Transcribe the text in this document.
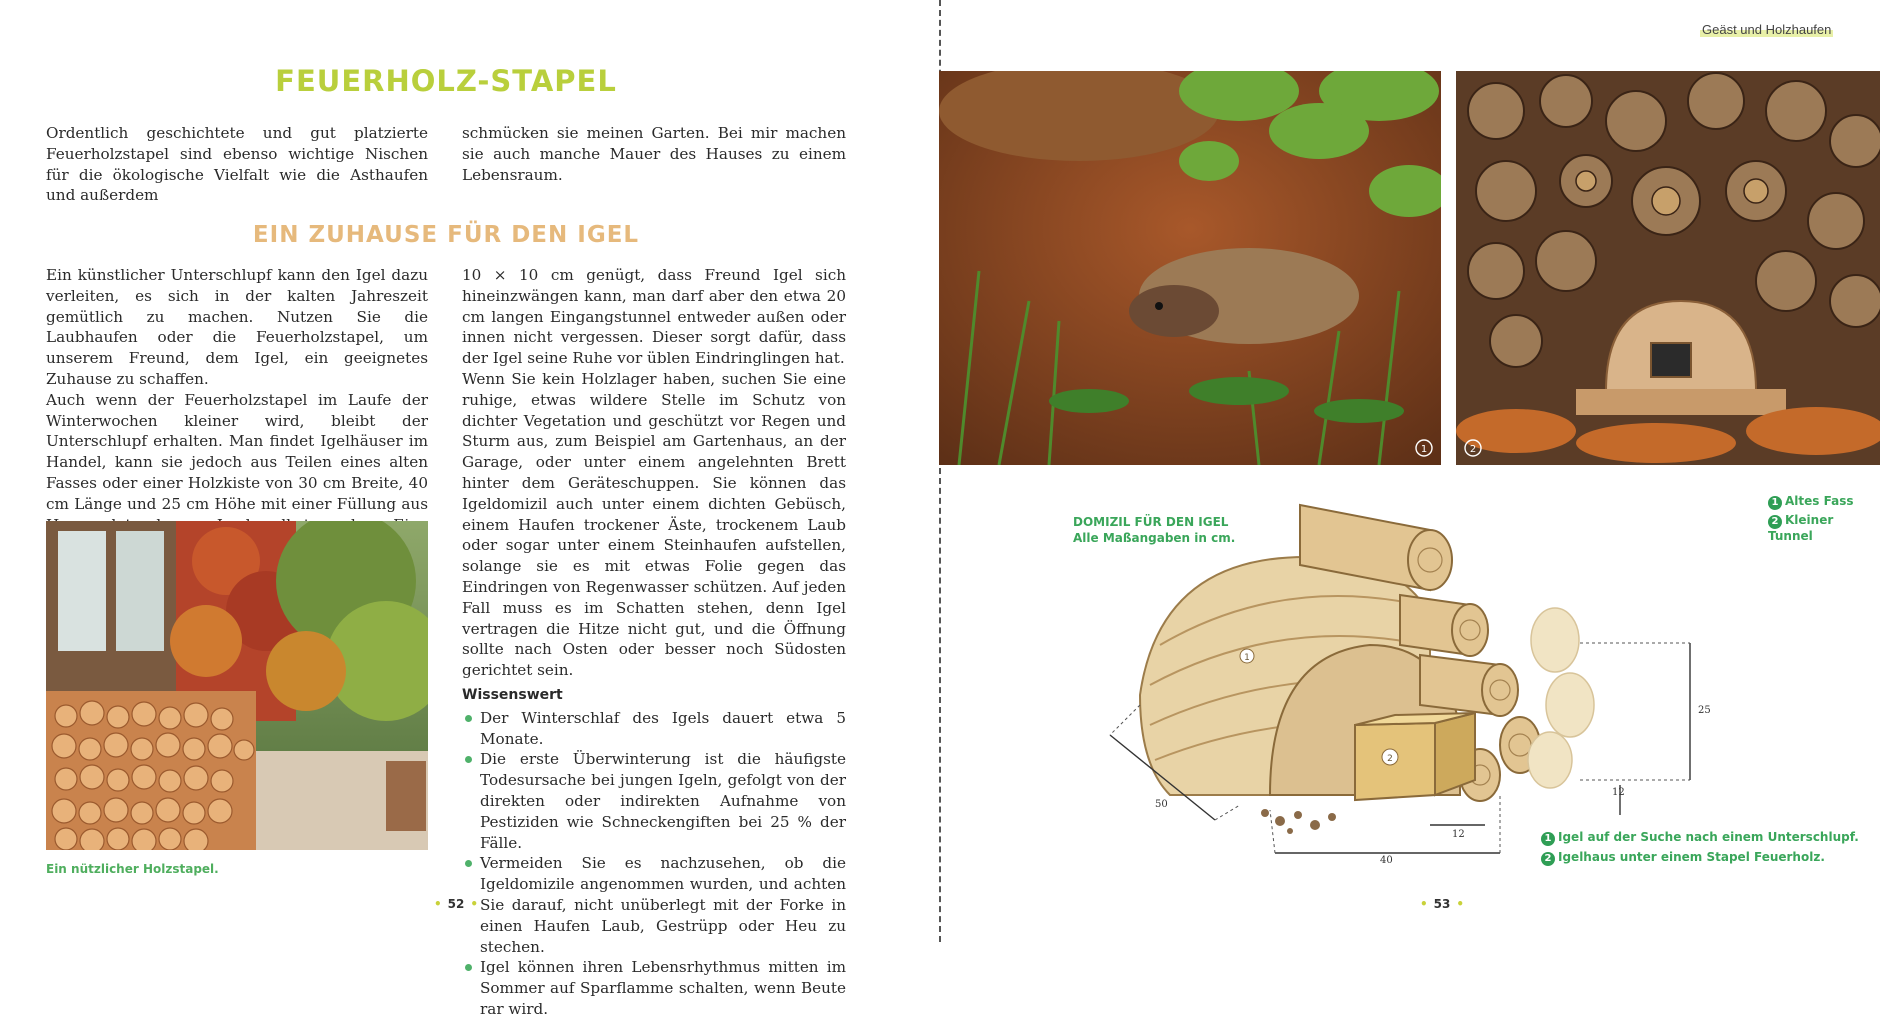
FEUERHOLZ-STAPEL

Ordentlich geschichtete und gut platzierte Feuerholzstapel sind ebenso wichtige Nischen für die ökologische Vielfalt wie die Asthaufen und außerdem

schmücken sie meinen Garten. Bei mir machen sie auch manche Mauer des Hauses zu einem Lebensraum.

EIN ZUHAUSE FÜR DEN IGEL

Ein künstlicher Unterschlupf kann den Igel dazu verleiten, es sich in der kalten Jahreszeit gemütlich zu machen. Nutzen Sie die Laubhaufen oder die Feuerholzstapel, um unserem Freund, dem Igel, ein geeignetes Zuhause zu schaffen.

Auch wenn der Feuerholzstapel im Laufe der Winterwochen kleiner wird, bleibt der Unterschlupf erhalten. Man findet Igelhäuser im Handel, kann sie jedoch aus Teilen eines alten Fasses oder einer Holzkiste von 30 cm Breite, 40 cm Länge und 25 cm Höhe mit einer Füllung aus

10 × 10 cm genügt, dass Freund Igel sich hineinzwängen kann, man darf aber den etwa 20 cm langen Eingangstunnel entweder außen oder innen nicht vergessen. Dieser sorgt dafür, dass der Igel seine Ruhe vor üblen Eindringlingen hat.

Wenn Sie kein Holzlager haben, suchen Sie eine ruhige, etwas wildere Stelle im Schutz von dichter Vegetation und geschützt vor Regen und Sturm aus, zum Beispiel am Gartenhaus, an der Garage, oder unter einem angelehnten Brett hinter dem Geräteschuppen. Sie können das Igeldomizil auch unter einem dichten Gebüsch, einem Haufen trockener Äste, trockenem Laub oder sogar unter einem Steinhaufen aufstellen, solange sie es mit etwas Folie gegen das Eindringen von Regenwasser schützen. Auf jeden Fall muss es im Schatten stehen, denn Igel vertragen die Hitze nicht gut, und die Öffnung sollte nach Osten oder besser noch Südosten gerichtet sein.

Wissenswert
Der Winterschlaf des Igels dauert etwa 5 Monate.
Die erste Überwinterung ist die häufigste Todesursache bei jungen Igeln, gefolgt von der direkten oder indirekten Aufnahme von Pestiziden wie Schneckengiften bei 25 % der Fälle.
Vermeiden Sie es nachzusehen, ob die Igeldomizile angenommen wurden, und achten Sie darauf, nicht unüberlegt mit der Forke in einen Haufen Laub, Gestrüpp oder Heu zu stechen.
Igel können ihren Lebensrhythmus mitten im Sommer auf Sparflamme schalten, wenn Beute rar wird.
Ein nützlicher Holzstapel.
• 52 •
Geäst und Holzhaufen
1	2
DOMIZIL FÜR DEN IGEL
Alle Maßangaben in cm.
1 Altes Fass
2 Kleiner Tunnel
2
1
50
40
12
25
12
1 Igel auf der Suche nach einem Unterschlupf.
2 Igelhaus unter einem Stapel Feuerholz.
• 53 •
